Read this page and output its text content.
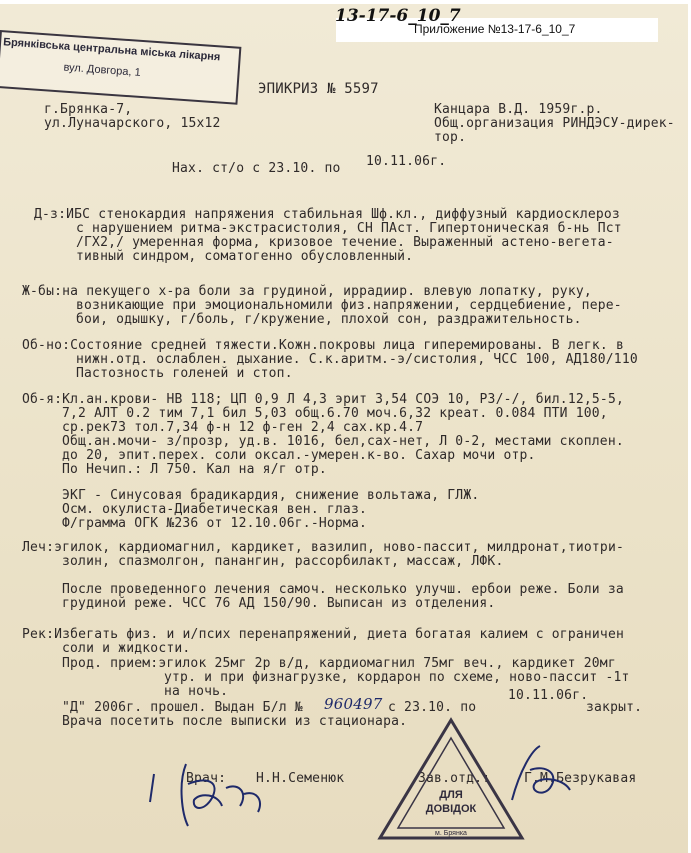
13-17-6_10_7
Приложение №13-17-6_10_7
Брянківська центральна міська лікарня
вул. Довгора, 1
ЭПИКРИЗ № 5597
г.Брянка-7,
ул.Луначарского, 15х12
Канцара В.Д. 1959г.р.
Общ.организация РИНДЭСУ-дирек-
тор.
Нах. ст/о с 23.10. по 10.11.06г.
Д-з:ИБС стенокардия напряжения стабильная Шф.кл., диффузный кардиосклероз
с нарушением ритма-экстрасистолия, СН ПАст. Гипертоническая б-нь Пст
/ГХ2,/ умеренная форма, кризовое течение. Выраженный астено-вегета-
тивный синдром, соматогенно обусловленный.
Ж-бы:на пекущего х-ра боли за грудиной, иррадиир. влевую лопатку, руку,
возникающие при эмоциональномили физ.напряжении, сердцебиение, пере-
бои, одышку, г/боль, г/кружение, плохой сон, раздражительность.
Об-но:Состояние средней тяжести.Кожн.покровы лица гиперемированы. В легк. в
нижн.отд. ослаблен. дыхание. С.к.аритм.-э/систолия, ЧСС 100, АД180/110
Пастозность голеней и стоп.
Об-я:Кл.ан.крови- НВ 118; ЦП 0,9 Л 4,3 эрит 3,54 СОЭ 10, Р3/-/, бил.12,5-5,
7,2 АЛТ 0.2 тим 7,1 бил 5,03 общ.6.70 моч.6,32 креат. 0.084 ПТИ 100,
ср.рек73 тол.7,34 ф-н 12 ф-ген 2,4 сах.кр.4.7
Общ.ан.мочи- з/прозр, уд.в. 1016, бел,сах-нет, Л 0-2, местами скоплен.
до 20, эпит.перех. соли оксал.-умерен.к-во. Сахар мочи отр.
По Нечип.: Л 750. Кал на я/г отр.
ЭКГ - Синусовая брадикардия, снижение вольтажа, ГЛЖ.
Осм. окулиста-Диабетическая вен. глаз.
Ф/грамма ОГК №236 от 12.10.06г.-Норма.
Леч:эгилок, кардиомагнил, кардикет, вазилип, ново-пассит, милдронат,тиотри-
золин, спазмолгон, панангин, рассорбилакт, массаж, ЛФК.
После проведенного лечения самоч. несколько улучш. ербои реже. Боли за
грудиной реже. ЧСС 76 АД 150/90. Выписан из отделения.
Рек:Избегать физ. и и/псих перенапряжений, диета богатая калием с ограничен
соли и жидкости.
Прод. прием:эгилок 25мг 2р в/д, кардиомагнил 75мг веч., кардикет 20мг
утр. и при физнагрузке, кордарон по схеме, ново-пассит -1т
на ночь.
"Д" 2006г. прошел. Выдан Б/л № 960497 с 23.10. по
10.11.06г.
закрыт.
Врача посетить после выписки из стационара.
Врач: Н.Н.Семенюк	Зав.отд.:	Г.М.Безрукавая
ДЛЯ
ДОВІДОК
м. Брянка
